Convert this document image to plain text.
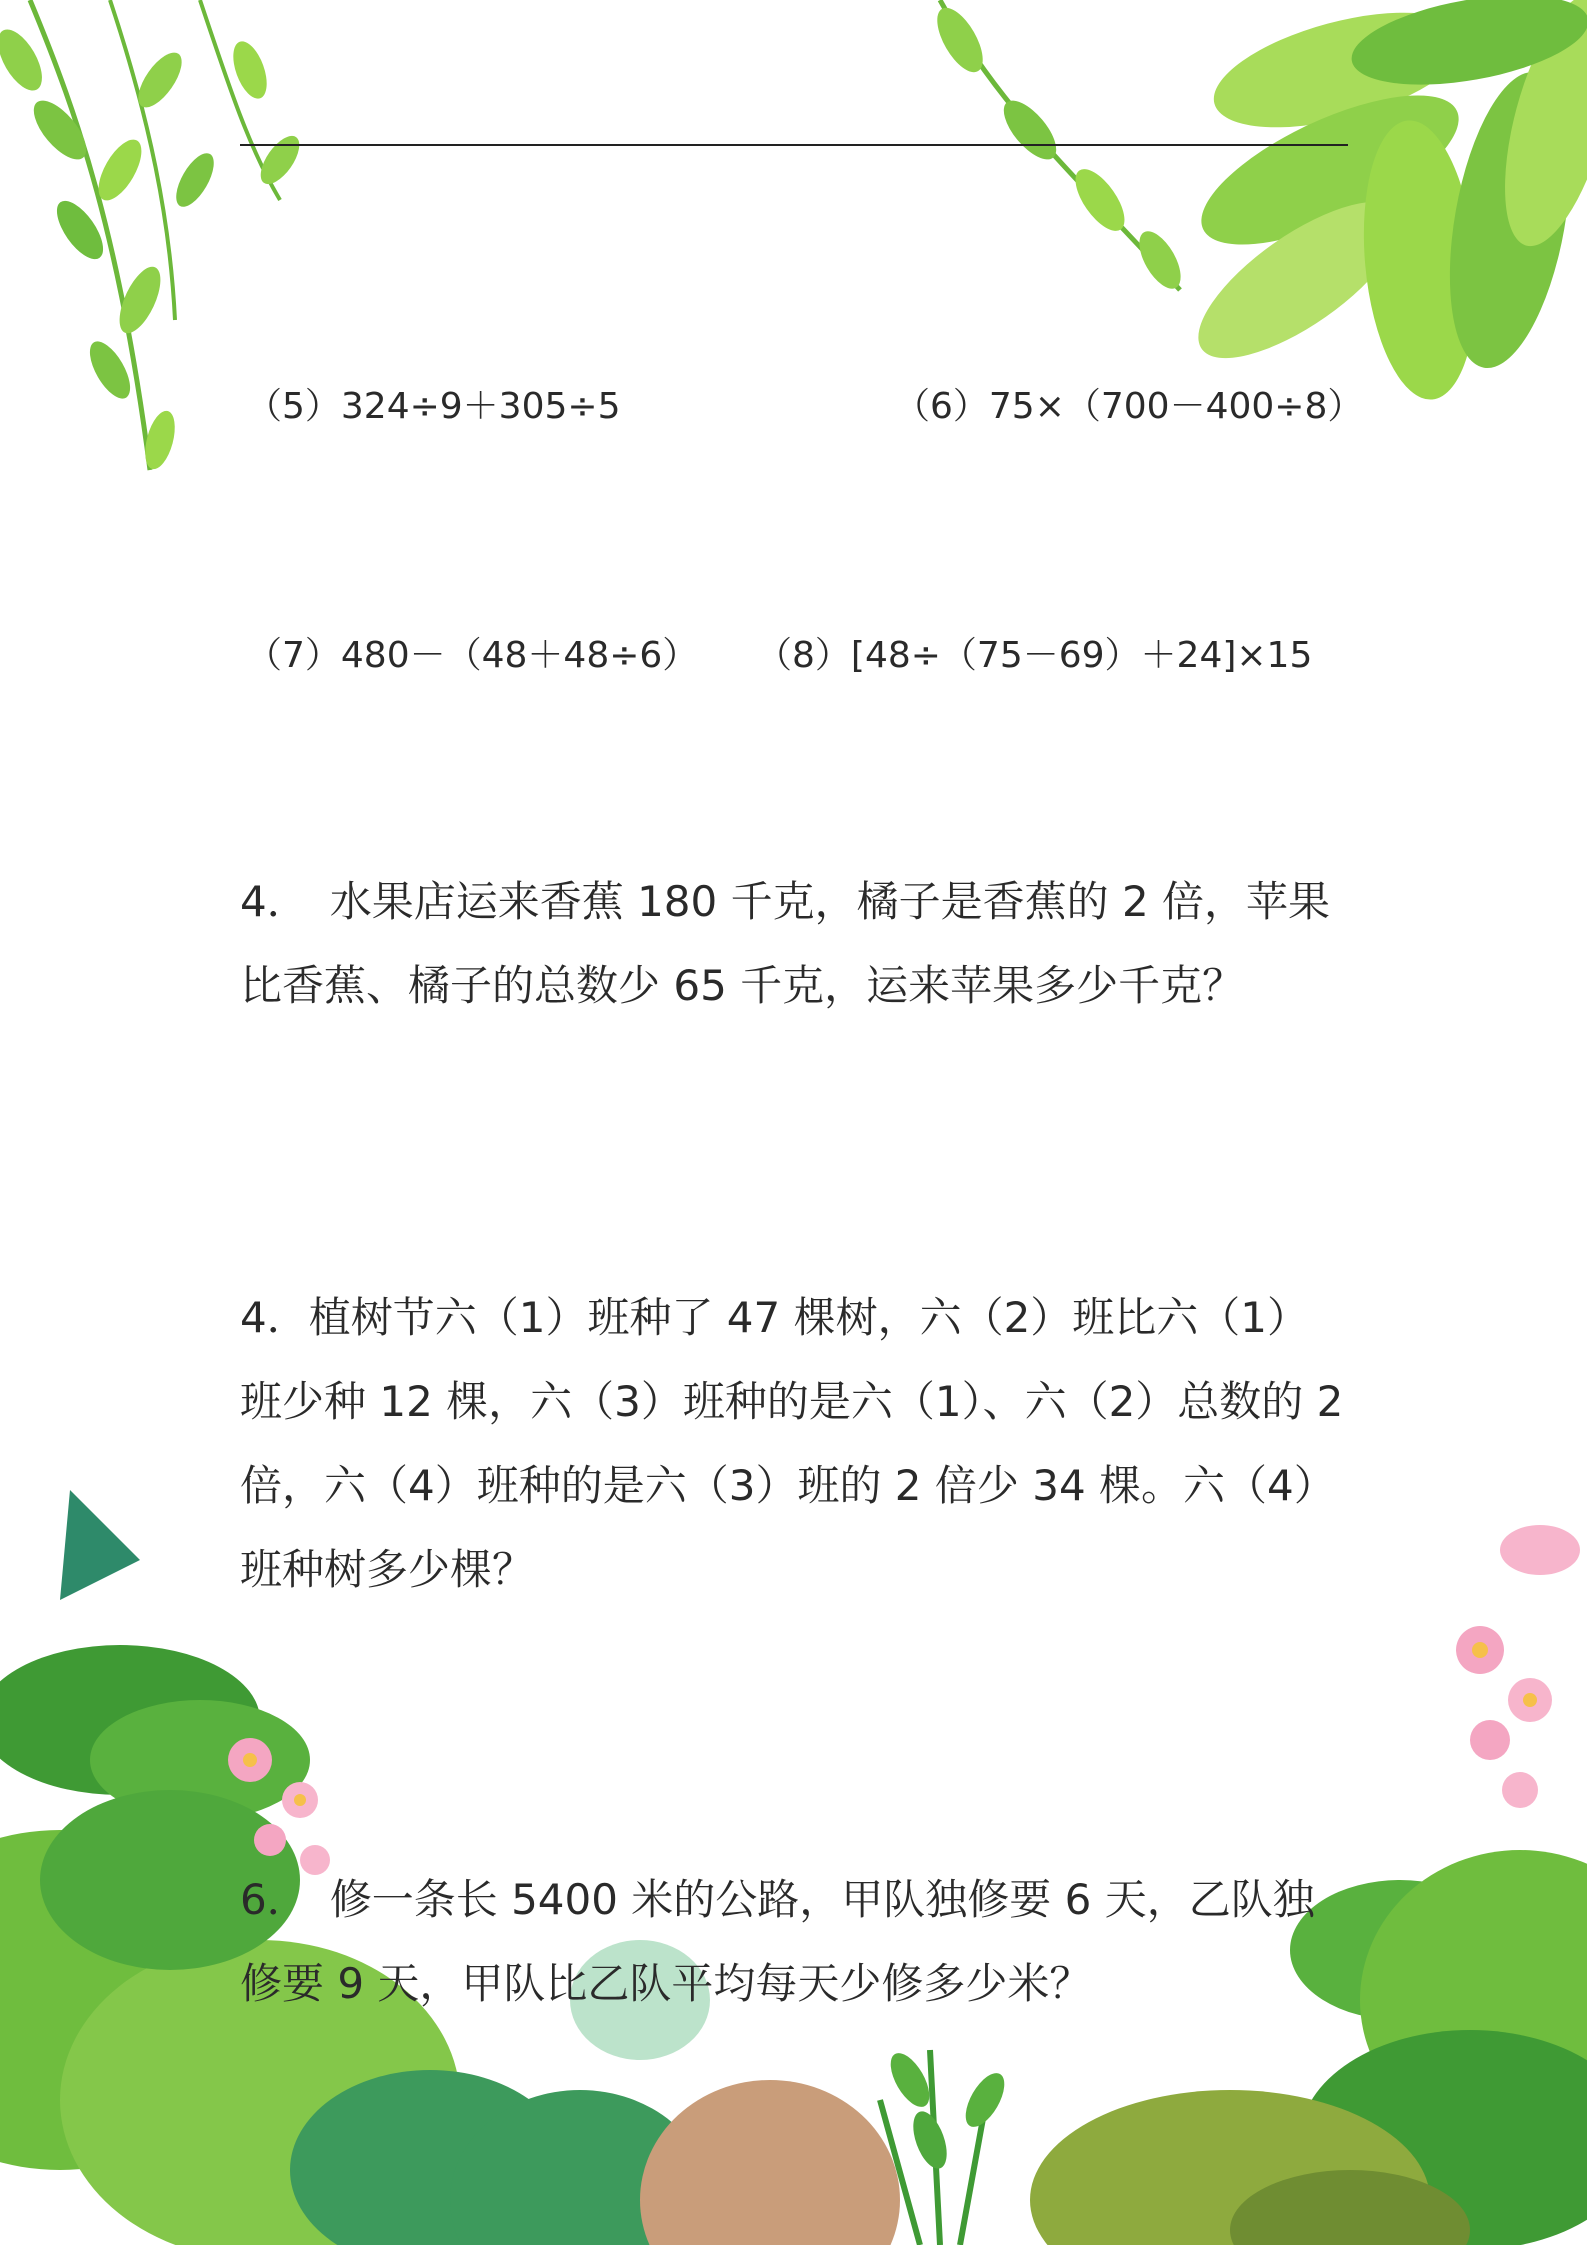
（5）324÷9＋305÷5	（6）75×（700－400÷8）
（7）480－（48＋48÷6） （8）[48÷（75－69）＋24]×15
4．　水果店运来香蕉 180 千克，橘子是香蕉的 2 倍，苹果比香蕉、橘子的总数少 65 千克，运来苹果多少千克？
4．植树节六（1）班种了 47 棵树，六（2）班比六（1）班少种 12 棵，六（3）班种的是六（1）、六（2）总数的 2 倍，六（4）班种的是六（3）班的 2 倍少 34 棵。六（4）班种树多少棵？
6．　修一条长 5400 米的公路，甲队独修要 6 天，乙队独修要 9 天，甲队比乙队平均每天少修多少米？
